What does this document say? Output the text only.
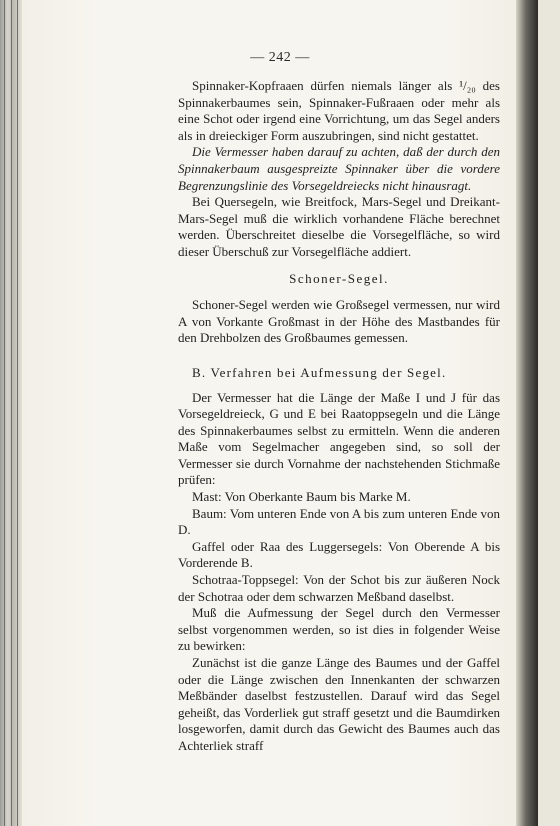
— 242 —

Spinnaker-Kopfraaen dürfen niemals länger als ¹/₂₀ des Spinnakerbaumes sein, Spinnaker-Fußraaen oder mehr als eine Schot oder irgend eine Vorrichtung, um das Segel anders als in dreieckiger Form auszubringen, sind nicht gestattet.

Die Vermesser haben darauf zu achten, daß der durch den Spinnakerbaum ausgespreizte Spinnaker über die vordere Begrenzungslinie des Vorsegeldreiecks nicht hinausragt.

Bei Quersegeln, wie Breitfock, Mars-Segel und Dreikant-Mars-Segel muß die wirklich vorhandene Fläche berechnet werden. Überschreitet dieselbe die Vorsegelfläche, so wird dieser Überschuß zur Vorsegelfläche addiert.

Schoner-Segel.

Schoner-Segel werden wie Großsegel vermessen, nur wird A von Vorkante Großmast in der Höhe des Mastbandes für den Drehbolzen des Großbaumes gemessen.

B. Verfahren bei Aufmessung der Segel.

Der Vermesser hat die Länge der Maße I und J für das Vorsegeldreieck, G und E bei Raatoppsegeln und die Länge des Spinnakerbaumes selbst zu ermitteln. Wenn die anderen Maße vom Segelmacher angegeben sind, so soll der Vermesser sie durch Vornahme der nachstehenden Stichmaße prüfen:

Mast: Von Oberkante Baum bis Marke M.

Baum: Vom unteren Ende von A bis zum unteren Ende von D.

Gaffel oder Raa des Luggersegels: Von Oberende A bis Vorderende B.

Schotraa-Toppsegel: Von der Schot bis zur äußeren Nock der Schotraa oder dem schwarzen Meßband daselbst.

Muß die Aufmessung der Segel durch den Vermesser selbst vorgenommen werden, so ist dies in folgender Weise zu bewirken:

Zunächst ist die ganze Länge des Baumes und der Gaffel oder die Länge zwischen den Innenkanten der schwarzen Meßbänder daselbst festzustellen. Darauf wird das Segel geheißt, das Vorderliek gut straff gesetzt und die Baumdirken losgeworfen, damit durch das Gewicht des Baumes auch das Achterliek straff
